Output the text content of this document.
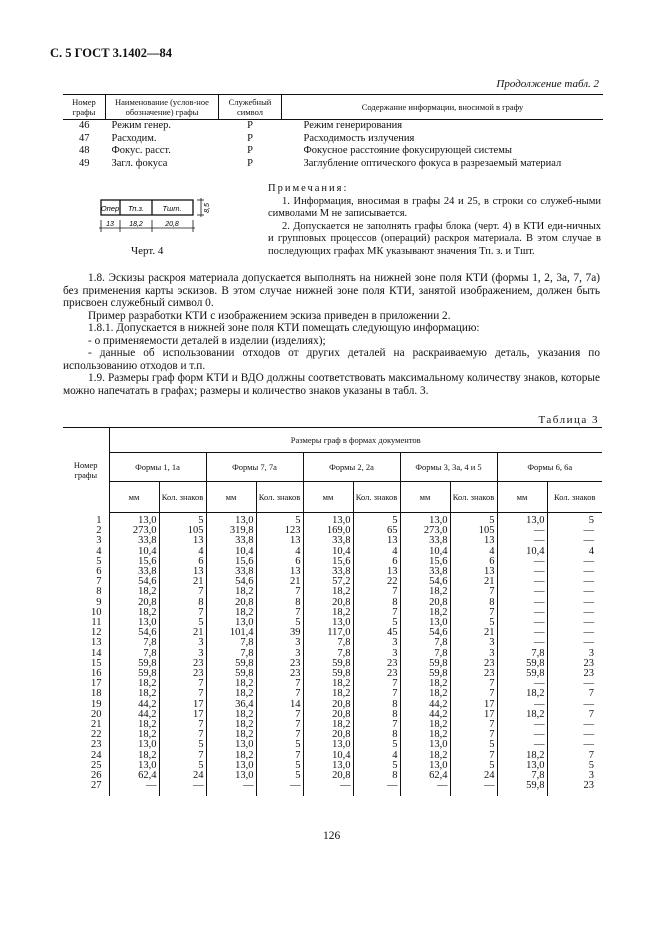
С. 5 ГОСТ 3.1402—84
Продолжение табл. 2
Номер графы	Наименование (услов-ное обозначение) графы	Служебный символ	Содержание информации, вносимой в графу
46	Режим генер.	Р	Режим генерирования
47	Расходим.	Р	Расходимость излучения
48	Фокус. расст.	Р	Фокусное расстояние фокусирующей системы
49	Загл. фокуса	Р	Заглубление оптического фокуса в разрезаемый материал
Опер Тп.з. Тшт.
13 18,2	20,8
8,5
Черт. 4

Примечания:

1. Информация, вносимая в графы 24 и 25, в строки со служеб-ными символами М не записывается.

2. Допускается не заполнять графы блока (черт. 4) в КТИ еди-ничных и групповых процессов (операций) раскроя материала. В этом случае в последующих графах МК указывают значения Тп. з. и Тшт.

1.8. Эскизы раскроя материала допускается выполнять на нижней зоне поля КТИ (формы 1, 2, 3а, 7, 7а) без применения карты эскизов. В этом случае нижней зоне поля КТИ, занятой изображением, должен быть присвоен служебный символ 0.

Пример разработки КТИ с изображением эскиза приведен в приложении 2.

1.8.1. Допускается в нижней зоне поля КТИ помещать следующую информацию:

- о применяемости деталей в изделии (изделиях);

- данные об использовании отходов от других деталей на раскраиваемую деталь, указания по использованию отходов и т.п.

1.9. Размеры граф форм КТИ и ВДО должны соответствовать максимальному количеству знаков, которые можно напечатать в графах; размеры и количество знаков указаны в табл. 3.

Таблица 3
Номер графы	Размеры граф в формах документов									
	Формы 1, 1а		Формы 7, 7а		Формы 2, 2а		Формы 3, 3а, 4 и 5		Формы 6, 6а	
	мм	Кол. знаков	мм	Кол. знаков	мм	Кол. знаков	мм	Кол. знаков	мм	Кол. знаков
1	13,0	5	13,0	5	13,0	5	13,0	5	13,0	5
2	273,0	105	319,8	123	169,0	65	273,0	105	—	—
3	33,8	13	33,8	13	33,8	13	33,8	13	—	—
4	10,4	4	10,4	4	10,4	4	10,4	4	10,4	4
5	15,6	6	15,6	6	15,6	6	15,6	6	—	—
6	33,8	13	33,8	13	33,8	13	33,8	13	—	—
7	54,6	21	54,6	21	57,2	22	54,6	21	—	—
8	18,2	7	18,2	7	18,2	7	18,2	7	—	—
9	20,8	8	20,8	8	20,8	8	20,8	8	—	—
10	18,2	7	18,2	7	18,2	7	18,2	7	—	—
11	13,0	5	13,0	5	13,0	5	13,0	5	—	—
12	54,6	21	101,4	39	117,0	45	54,6	21	—	—
13	7,8	3	7,8	3	7,8	3	7,8	3	—	—
14	7,8	3	7,8	3	7,8	3	7,8	3	7,8	3
15	59,8	23	59,8	23	59,8	23	59,8	23	59,8	23
16	59,8	23	59,8	23	59,8	23	59,8	23	59,8	23
17	18,2	7	18,2	7	18,2	7	18,2	7	—	—
18	18,2	7	18,2	7	18,2	7	18,2	7	18,2	7
19	44,2	17	36,4	14	20,8	8	44,2	17	—	—
20	44,2	17	18,2	7	20,8	8	44,2	17	18,2	7
21	18,2	7	18,2	7	18,2	7	18,2	7	—	—
22	18,2	7	18,2	7	20,8	8	18,2	7	—	—
23	13,0	5	13,0	5	13,0	5	13,0	5	—	—
24	18,2	7	18,2	7	10,4	4	18,2	7	18,2	7
25	13,0	5	13,0	5	13,0	5	13,0	5	13,0	5
26	62,4	24	13,0	5	20,8	8	62,4	24	7,8	3
27	—	—	—	—	—	—	—	—	59,8	23

126
